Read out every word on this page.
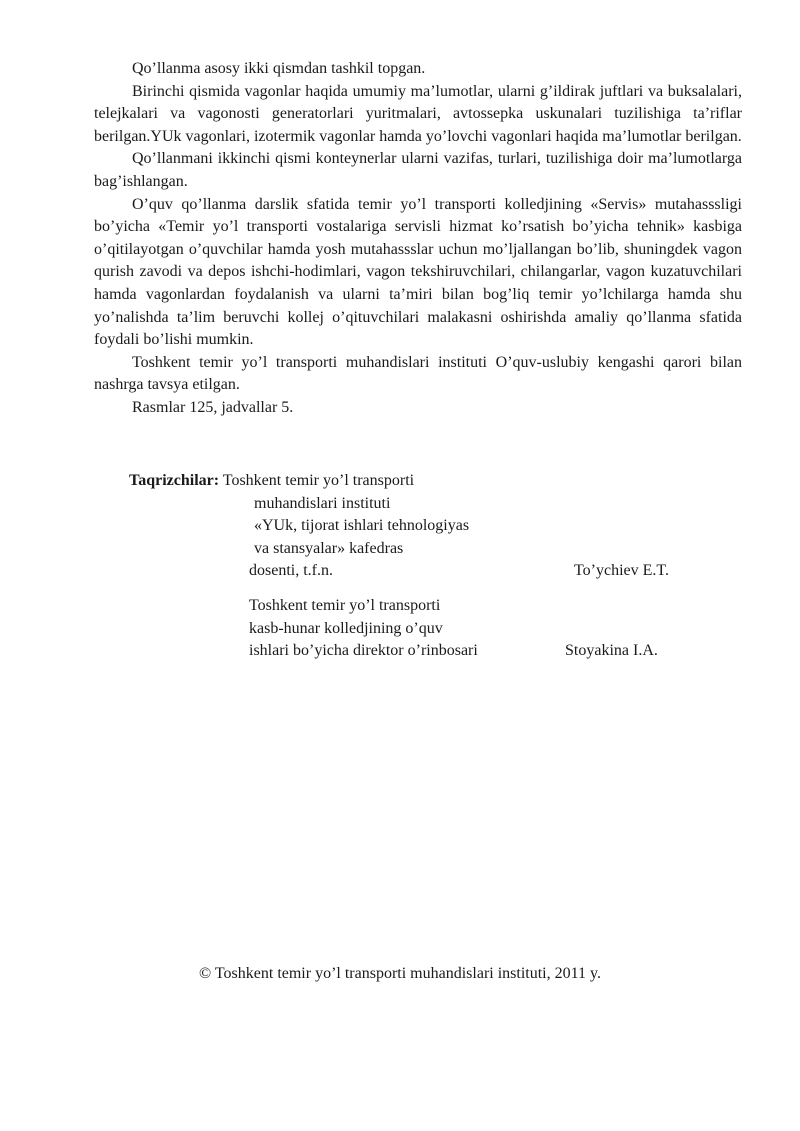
Qo’llanma asosy ikki qismdan tashkil topgan.

Birinchi qismida vagonlar haqida umumiy ma’lumotlar, ularni g’ildirak juftlari va buksalalari, telejkalari va vagonosti generatorlari yuritmalari, avtossepka uskunalari tuzilishiga ta’riflar berilgan.YUk vagonlari, izotermik vagonlar hamda yo’lovchi vagonlari haqida ma’lumotlar berilgan.

Qo’llanmani ikkinchi qismi konteynerlar ularni vazifas, turlari, tuzilishiga doir ma’lumotlarga bag’ishlangan.

O’quv qo’llanma darslik sfatida temir yo’l transporti kolledjining «Servis» mutahasssligi bo’yicha «Temir yo’l transporti vostalariga servisli hizmat ko’rsatish bo’yicha tehnik» kasbiga o’qitilayotgan o’quvchilar hamda yosh mutahassslar uchun mo’ljallangan bo’lib, shuningdek vagon qurish zavodi va depos ishchi-hodimlari, vagon tekshiruvchilari, chilangarlar, vagon kuzatuvchilari hamda vagonlardan foydalanish va ularni ta’miri bilan bog’liq temir yo’lchilarga hamda shu yo’nalishda ta’lim beruvchi kollej o’qituvchilari malakasni oshirishda amaliy qo’llanma sfatida foydali bo’lishi mumkin.

Toshkent temir yo’l transporti muhandislari instituti O’quv-uslubiy kengashi qarori bilan nashrga tavsya etilgan.

Rasmlar 125, jadvallar 5.

Taqrizchilar: Toshkent temir yo’l transporti
muhandislari instituti
«YUk, tijorat ishlari tehnologiyas
va stansyalar» kafedras
dosenti, t.f.n.	To’ychiev E.T.
Toshkent temir yo’l transporti
kasb-hunar kolledjining o’quv
ishlari bo’yicha direktor o’rinbosari	Stoyakina I.A.
© Toshkent temir yo’l transporti muhandislari instituti, 2011 y.
